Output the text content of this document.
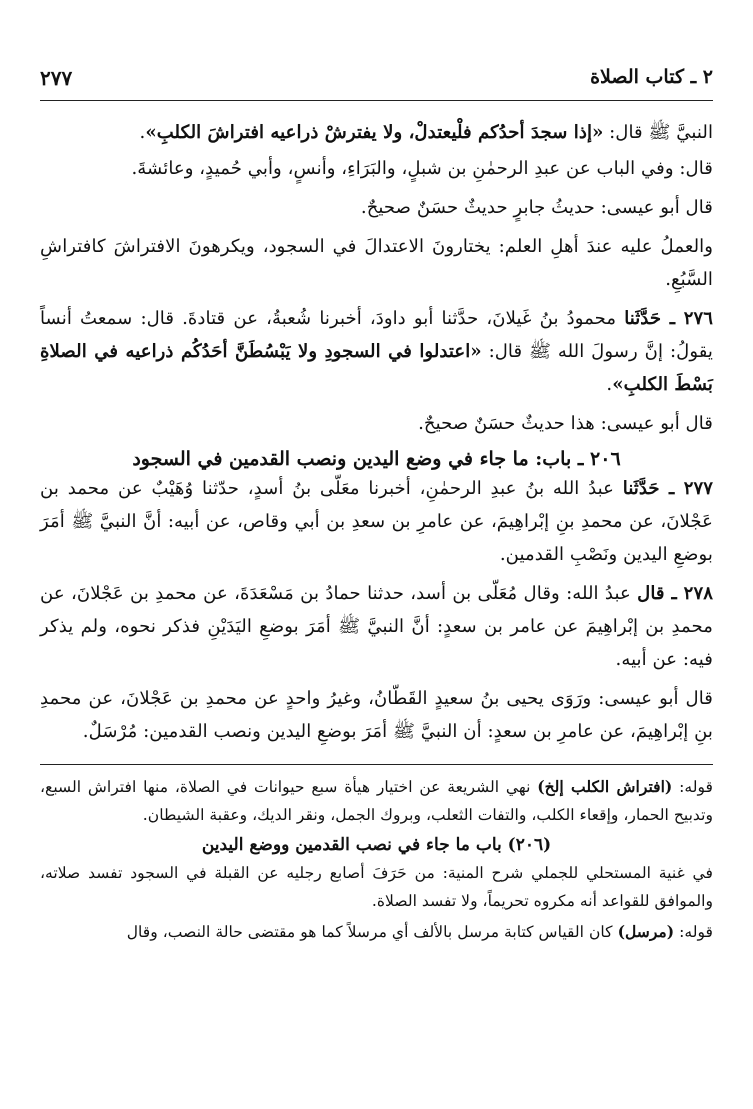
٢ ـ كتاب الصلاة
٢٧٧

النبيَّ ﷺ قال: «إذا سجدَ أحدُكم فلْيعتدلْ، ولا يفترشْ ذراعيه افتراشَ الكلبِ».

قال: وفي الباب عن عبدِ الرحمٰنِ بن شبلٍ، والبَرَاءِ، وأنسٍ، وأبي حُميدٍ، وعائشةَ.

قال أبو عيسى: حديثُ جابرٍ حديثٌ حسَنٌ صحيحٌ.

والعملُ عليه عندَ أهلِ العلم: يختارونَ الاعتدالَ في السجود، ويكرهونَ الافتراشَ كافتراشِ السَّبُعِ.

٢٧٦ ـ حَدَّثَنا محمودُ بنُ غَيلانَ، حدَّثنا أبو داودَ، أخبرنا شُعبةُ، عن قتادةَ. قال: سمعتُ أنساً يقولُ: إنَّ رسولَ الله ﷺ قال: «اعتدلوا في السجودِ ولا يَبْسُطَنَّ أحَدُكُم ذراعيه في الصلاةِ بَسْطَ الكلبِ».

قال أبو عيسى: هذا حديثٌ حسَنٌ صحيحٌ.

٢٠٦ ـ باب: ما جاء في وضع اليدين ونصب القدمين في السجود

٢٧٧ ـ حَدَّثَنا عبدُ الله بنُ عبدِ الرحمٰنِ، أخبرنا معَلّى بنُ أسدٍ، حدّثنا وُهَيْبٌ عن محمد بن عَجْلانَ، عن محمدِ بنِ إبْراهِيمَ، عن عامرِ بن سعدِ بن أبي وقاص، عن أبيه: أنَّ النبيَّ ﷺ أمَرَ بوضعِ اليدين ونَصْبِ القدمين.

٢٧٨ ـ قال عبدُ الله: وقال مُعَلّى بن أسد، حدثنا حمادُ بن مَسْعَدَةَ، عن محمدِ بن عَجْلانَ، عن محمدِ بن إبْراهِيمَ عن عامر بن سعدٍ: أنَّ النبيَّ ﷺ أمَرَ بوضعِ اليَدَيْنِ فذكر نحوه، ولم يذكر فيه: عن أبيه.

قال أبو عيسى: ورَوَى يحيى بنُ سعيدٍ القَطّانُ، وغيرُ واحدٍ عن محمدِ بن عَجْلانَ، عن محمدِ بنِ إبْراهِيمَ، عن عامرِ بن سعدٍ: أن النبيَّ ﷺ أمَرَ بوضعِ اليدين ونصب القدمين: مُرْسَلٌ.

قوله: (افتراش الكلب إلخ) نهي الشريعة عن اختيار هيأة سبع حيوانات في الصلاة، منها افتراش السبع، وتدبيح الحمار، وإقعاء الكلب، والتفات الثعلب، وبروك الجمل، ونقر الديك، وعقبة الشيطان.

(٢٠٦) باب ما جاء في نصب القدمين ووضع اليدين

في غنية المستحلي للجملي شرح المنية: من حَرَفَ أصابع رجليه عن القبلة في السجود تفسد صلاته، والموافق للقواعد أنه مكروه تحريماً، ولا تفسد الصلاة.

قوله: (مرسل) كان القياس كتابة مرسل بالألف أي مرسلاً كما هو مقتضى حالة النصب، وقال
